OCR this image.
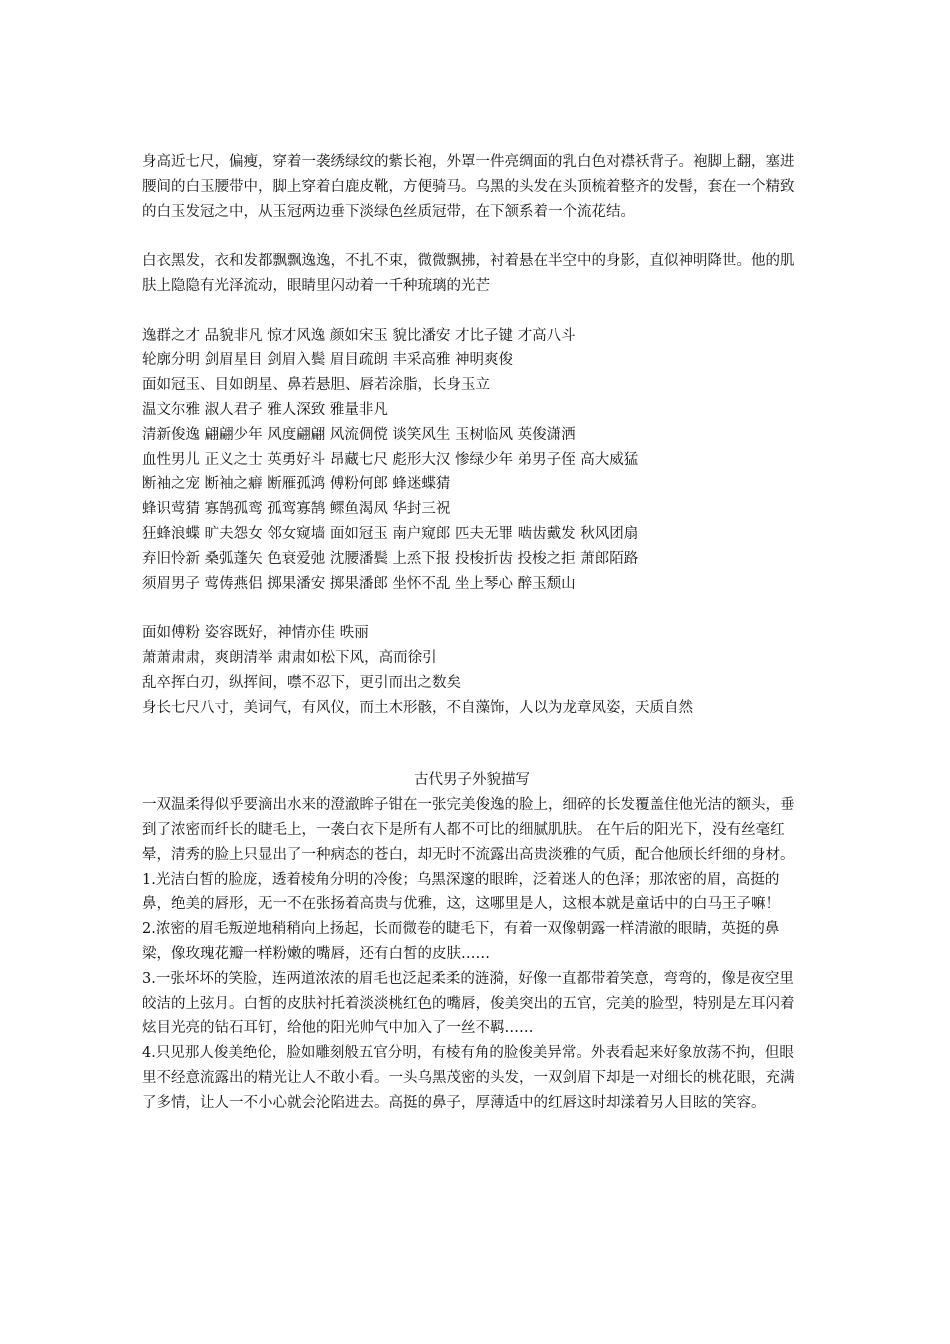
身高近七尺，偏瘦，穿着一袭绣绿纹的紫长袍，外罩一件亮绸面的乳白色对襟袄背子。袍脚上翻，塞进腰间的白玉腰带中，脚上穿着白鹿皮靴，方便骑马。乌黑的头发在头顶梳着整齐的发髻，套在一个精致的白玉发冠之中，从玉冠两边垂下淡绿色丝质冠带，在下颔系着一个流花结。

白衣黑发，衣和发都飘飘逸逸，不扎不束，微微飘拂，衬着悬在半空中的身影，直似神明降世。他的肌肤上隐隐有光泽流动，眼睛里闪动着一千种琉璃的光芒

逸群之才 品貌非凡 惊才风逸 颜如宋玉 貌比潘安 才比子键 才高八斗

轮廓分明 剑眉星目 剑眉入鬓 眉目疏朗 丰采高雅 神明爽俊

面如冠玉、目如朗星、鼻若悬胆、唇若涂脂，长身玉立

温文尔雅 淑人君子 雅人深致 雅量非凡

清新俊逸 翩翩少年 风度翩翩 风流倜傥 谈笑风生 玉树临风 英俊潇洒

血性男儿 正义之士 英勇好斗 昂藏七尺 彪形大汉 惨绿少年 弟男子侄 高大威猛

断袖之宠 断袖之癖 断雁孤鸿 傅粉何郎 蜂迷蝶猜

蜂识莺猜 寡鹄孤鸾 孤鸾寡鹄 鳏鱼渴凤 华封三祝

狂蜂浪蝶 旷夫怨女 邻女窥墙 面如冠玉 南户窥郎 匹夫无罪 啮齿戴发 秋风团扇

弃旧怜新 桑弧蓬矢 色衰爱弛 沈腰潘鬓 上烝下报 投梭折齿 投梭之拒 萧郎陌路

须眉男子 莺俦燕侣 掷果潘安 掷果潘郎 坐怀不乱 坐上琴心 醉玉颓山

面如傅粉 姿容既好，神情亦佳 昳丽

萧萧肃肃，爽朗清举 肃肃如松下风，高而徐引

乱卒挥白刃，纵挥间，噤不忍下，更引而出之数矣

身长七尺八寸，美词气，有风仪，而土木形骸，不自藻饰，人以为龙章凤姿，天质自然

古代男子外貌描写

一双温柔得似乎要滴出水来的澄澈眸子钳在一张完美俊逸的脸上，细碎的长发覆盖住他光洁的额头，垂到了浓密而纤长的睫毛上，一袭白衣下是所有人都不可比的细腻肌肤。 在午后的阳光下，没有丝毫红晕，清秀的脸上只显出了一种病态的苍白，却无时不流露出高贵淡雅的气质，配合他颀长纤细的身材。

1.光洁白皙的脸庞，透着棱角分明的冷俊；乌黑深邃的眼眸，泛着迷人的色泽；那浓密的眉，高挺的鼻，绝美的唇形，无一不在张扬着高贵与优雅，这，这哪里是人，这根本就是童话中的白马王子嘛！

2.浓密的眉毛叛逆地稍稍向上扬起，长而微卷的睫毛下，有着一双像朝露一样清澈的眼睛，英挺的鼻梁，像玫瑰花瓣一样粉嫩的嘴唇，还有白皙的皮肤……

3.一张坏坏的笑脸，连两道浓浓的眉毛也泛起柔柔的涟漪，好像一直都带着笑意，弯弯的，像是夜空里皎洁的上弦月。白皙的皮肤衬托着淡淡桃红色的嘴唇，俊美突出的五官，完美的脸型，特别是左耳闪着炫目光亮的钻石耳钉，给他的阳光帅气中加入了一丝不羁……

4.只见那人俊美绝伦，脸如雕刻般五官分明，有棱有角的脸俊美异常。外表看起来好象放荡不拘，但眼里不经意流露出的精光让人不敢小看。一头乌黑茂密的头发，一双剑眉下却是一对细长的桃花眼，充满了多情，让人一不小心就会沦陷进去。高挺的鼻子，厚薄适中的红唇这时却漾着另人目眩的笑容。
